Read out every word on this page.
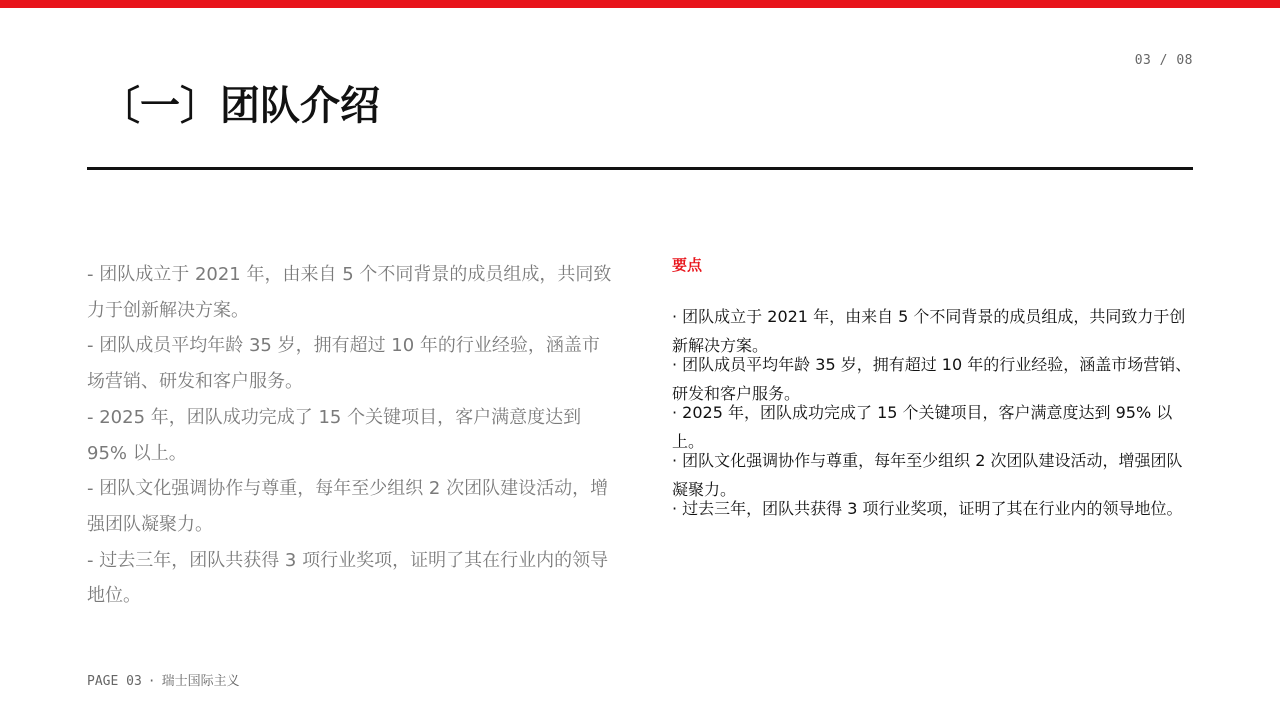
03 / 08
〔一〕团队介绍
- 团队成立于 2021 年，由来自 5 个不同背景的成员组成，共同致力于创新解决方案。
- 团队成员平均年龄 35 岁，拥有超过 10 年的行业经验，涵盖市场营销、研发和客户服务。
- 2025 年，团队成功完成了 15 个关键项目，客户满意度达到 95% 以上。
- 团队文化强调协作与尊重，每年至少组织 2 次团队建设活动，增强团队凝聚力。
- 过去三年，团队共获得 3 项行业奖项，证明了其在行业内的领导地位。
要点
· 团队成立于 2021 年，由来自 5 个不同背景的成员组成，共同致力于创新解决方案。
· 团队成员平均年龄 35 岁，拥有超过 10 年的行业经验，涵盖市场营销、研发和客户服务。
· 2025 年，团队成功完成了 15 个关键项目，客户满意度达到 95% 以上。
· 团队文化强调协作与尊重，每年至少组织 2 次团队建设活动，增强团队凝聚力。
· 过去三年，团队共获得 3 项行业奖项，证明了其在行业内的领导地位。
PAGE 03 · 瑞士国际主义
